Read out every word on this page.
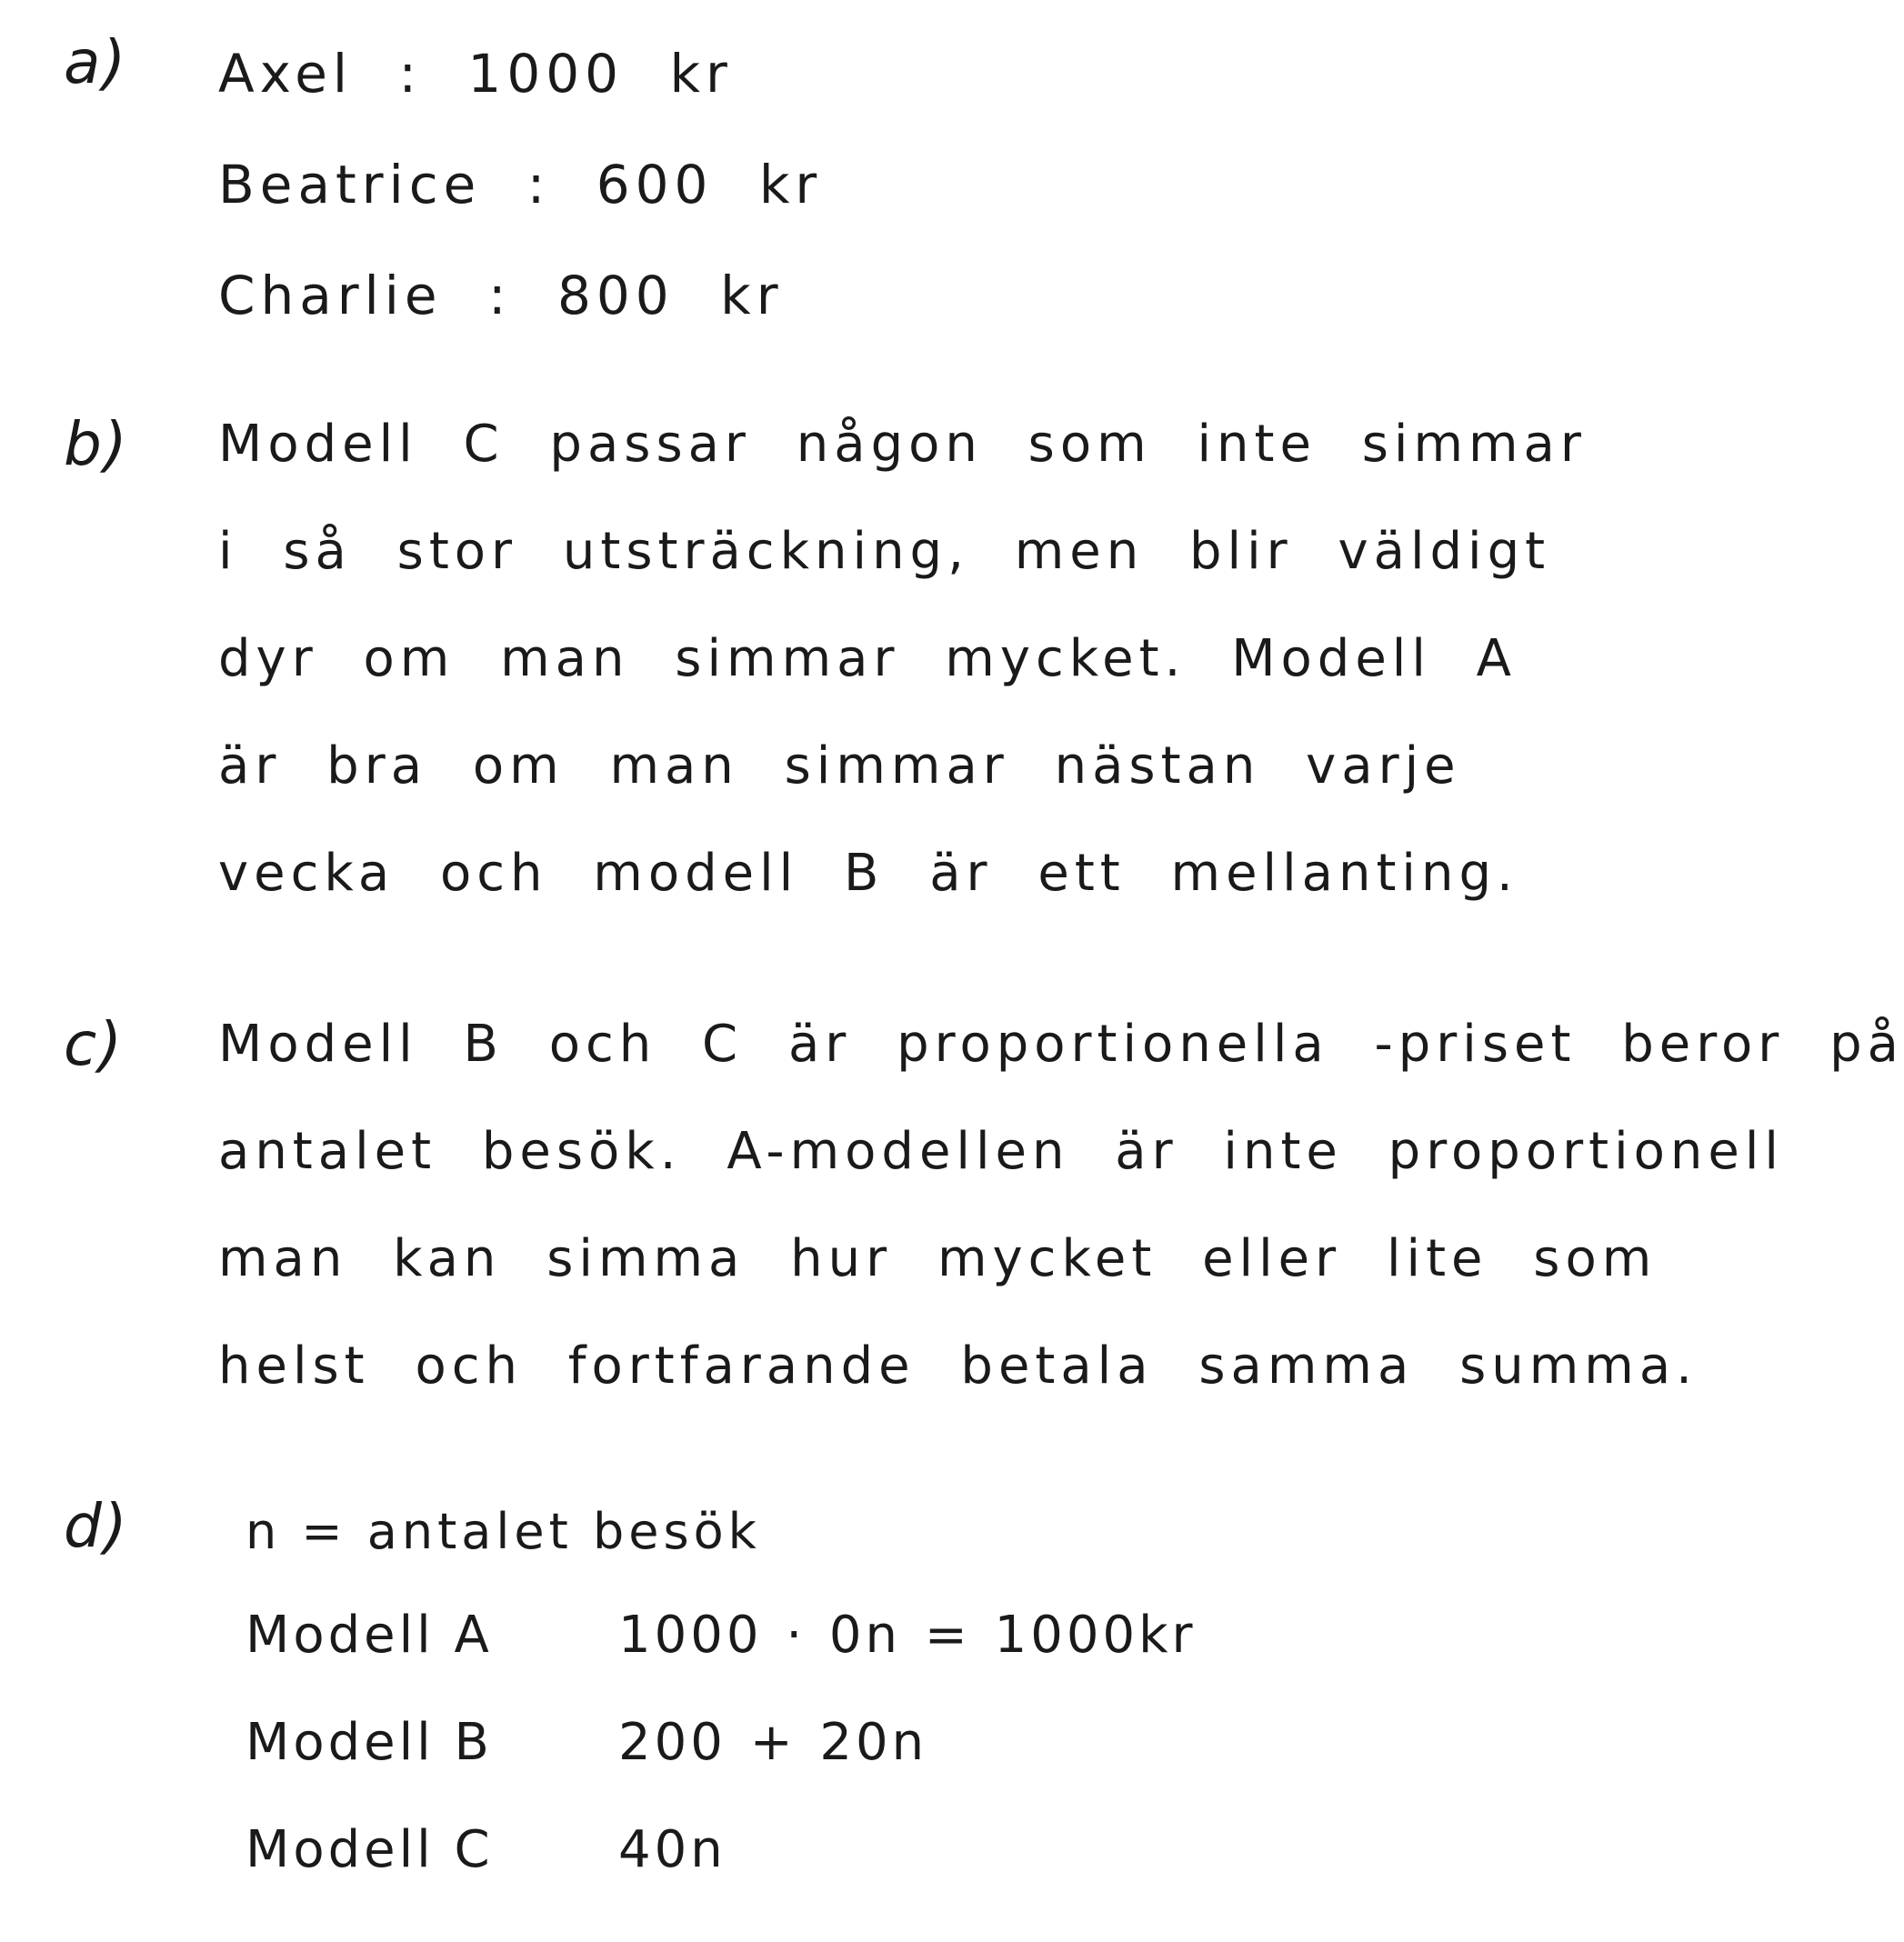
a) Axel : 1000 kr
Beatrice : 600 kr
Charlie : 800 kr
b) Modell C passar någon som inte simmar
i så stor utsträckning, men blir väldigt
dyr om man simmar mycket. Modell A
är bra om man simmar nästan varje
vecka och modell B är ett mellanting.
c) Modell B och C är proportionella -priset beror på
antalet besök. A-modellen är inte proportionell
man kan simma hur mycket eller lite som
helst och fortfarande betala samma summa.
d) n = antalet besök
Modell A	1000 · 0n = 1000kr
Modell B	200 + 20n
Modell C	40n
